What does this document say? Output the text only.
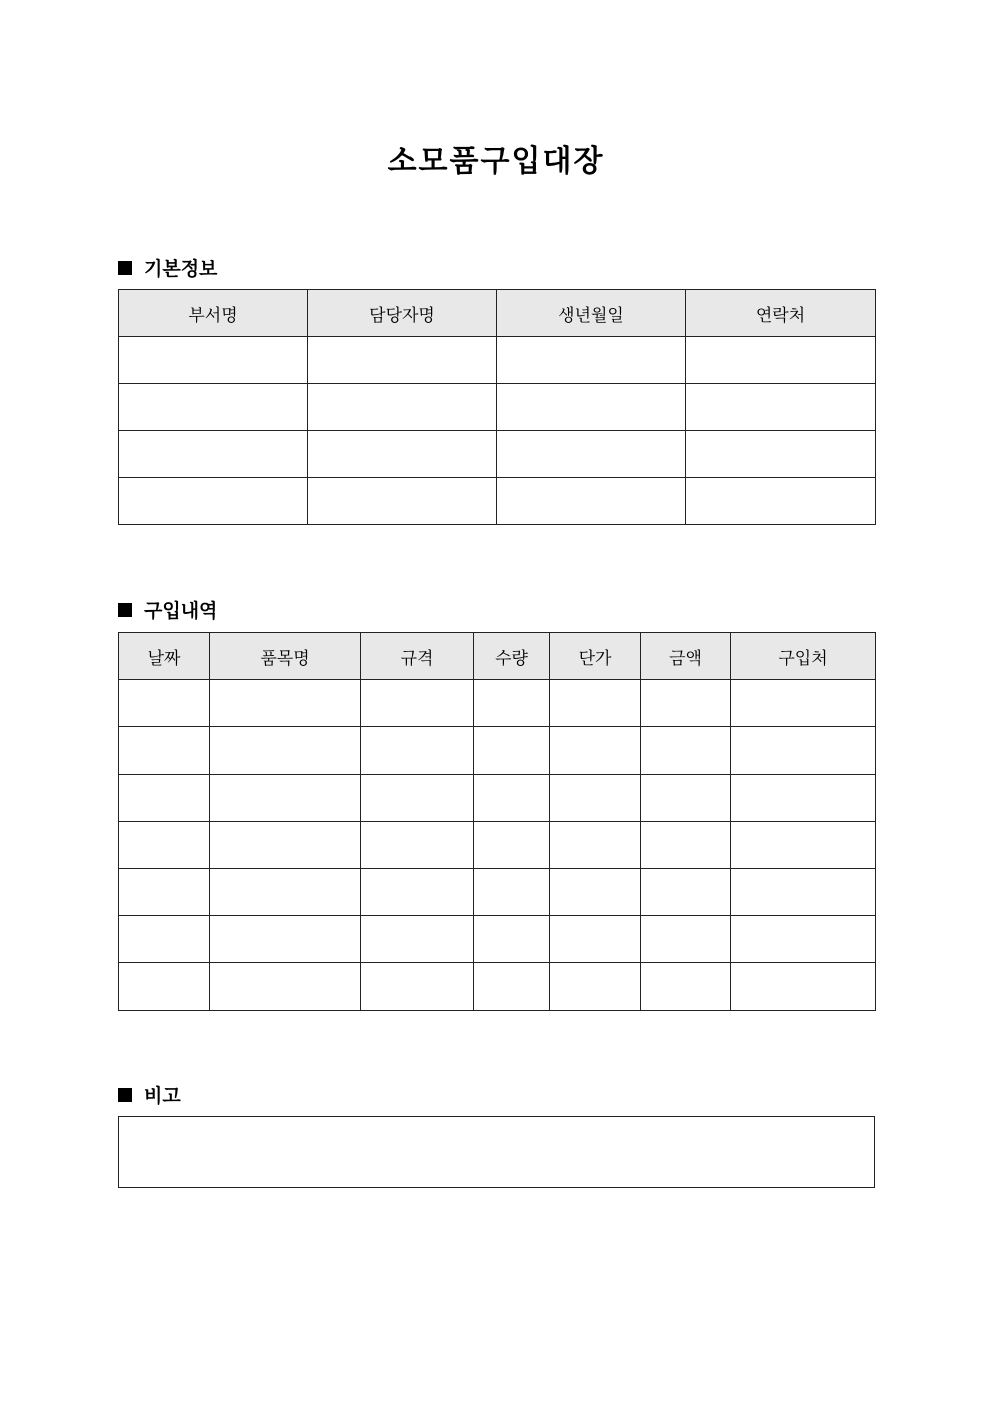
소모품구입대장
기본정보
부서명	담당자명	생년월일	연락처

구입내역
날짜	품목명	규격	수량	단가	금액	구입처

비고
